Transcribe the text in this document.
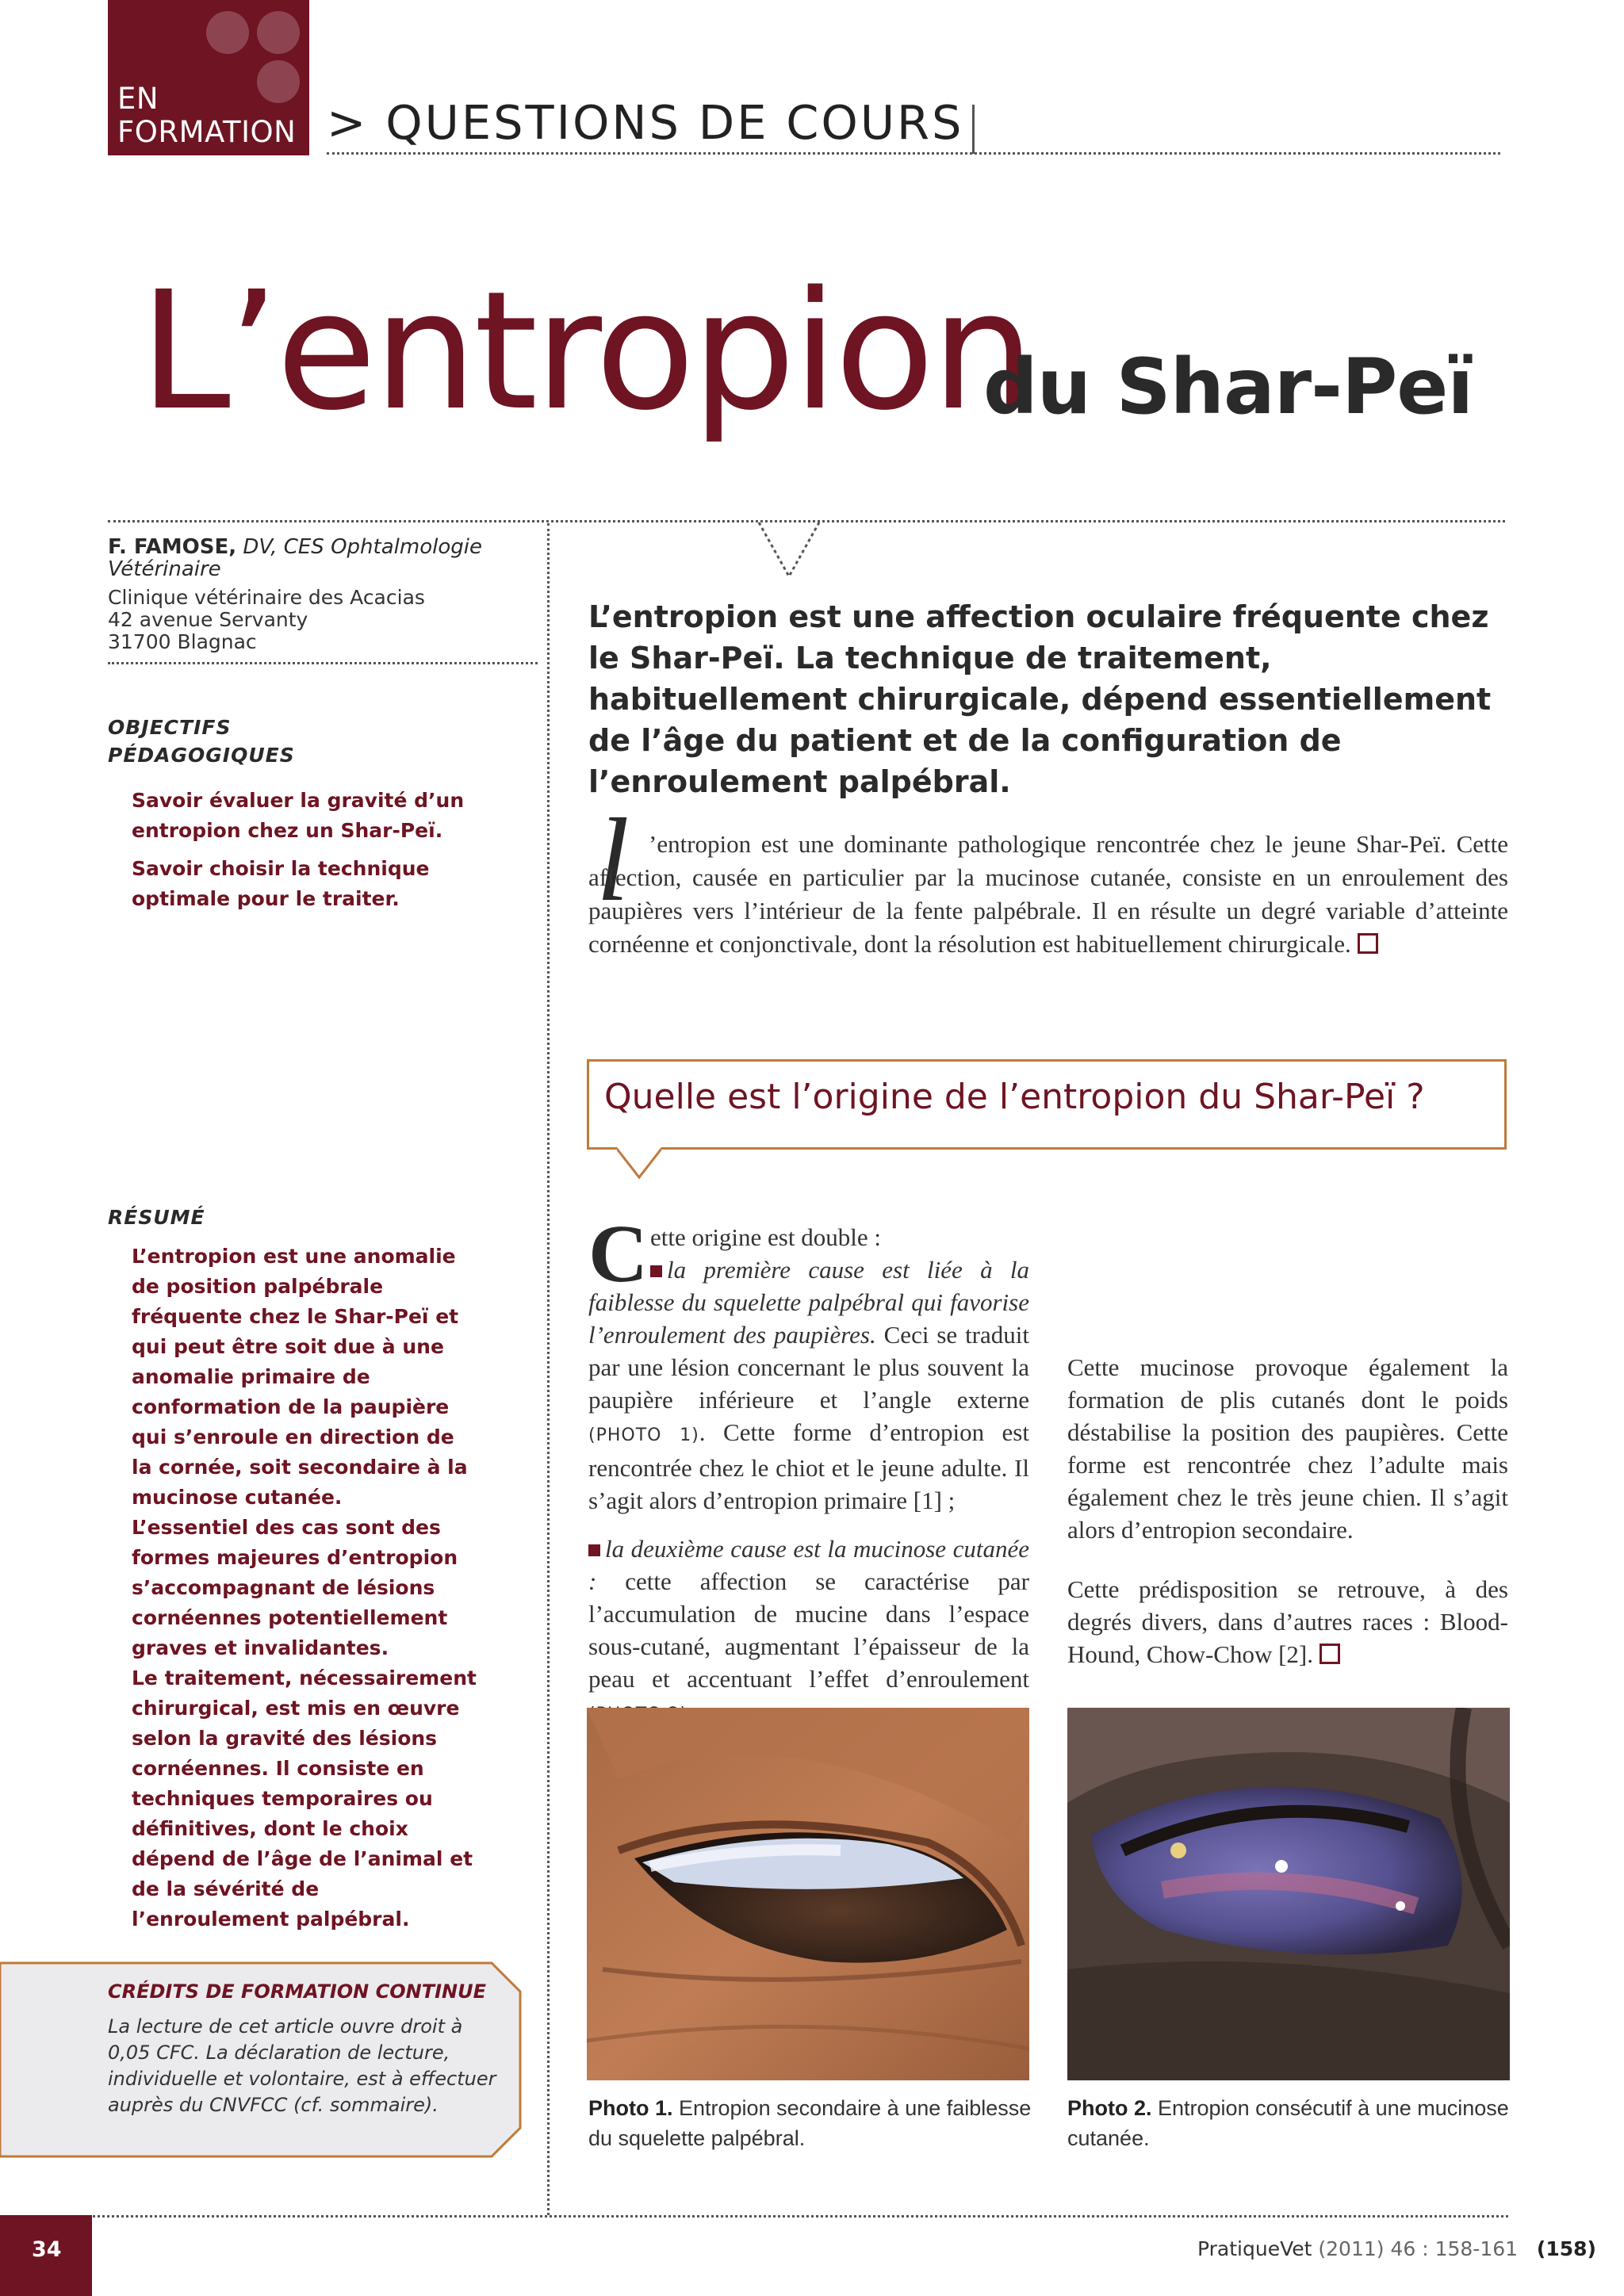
EN
FORMATION > QUESTIONS DE COURS
L’entropion
du Shar-Peï
F. FAMOSE, DV, CES Ophtalmologie Vétérinaire
Clinique vétérinaire des Acacias
42 avenue Servanty
31700 Blagnac
OBJECTIFS
PÉDAGOGIQUES
Savoir évaluer la gravité d’un entropion chez un Shar-Peï.
Savoir choisir la technique optimale pour le traiter.
RÉSUMÉ
L’entropion est une anomalie de position palpébrale fréquente chez le Shar-Peï et qui peut être soit due à une anomalie primaire de conformation de la paupière qui s’enroule en direction de la cornée, soit secondaire à la mucinose cutanée.
L’essentiel des cas sont des formes majeures d’entropion s’accompagnant de lésions cornéennes potentiellement graves et invalidantes.
Le traitement, nécessairement chirurgical, est mis en œuvre selon la gravité des lésions cornéennes. Il consiste en techniques temporaires ou définitives, dont le choix dépend de l’âge de l’animal et de la sévérité de l’enroulement palpébral.
CRÉDITS DE FORMATION CONTINUE
La lecture de cet article ouvre droit à 0,05 CFC. La déclaration de lecture, individuelle et volontaire, est à effectuer auprès du CNVFCC (cf. sommaire).
L’entropion est une affection oculaire fréquente chez le Shar-Peï. La technique de traitement, habituellement chirurgicale, dépend essentiellement de l’âge du patient et de la configuration de l’enroulement palpébral.
l ’entropion est une dominante pathologique rencontrée chez le jeune Shar-Peï. Cette affection, causée en particulier par la mucinose cutanée, consiste en un enroulement des paupières vers l’intérieur de la fente palpébrale. Il en résulte un degré variable d’atteinte cornéenne et conjonctivale, dont la résolution est habituellement chirurgicale.

Quelle est l’origine de l’entropion du Shar-Peï ?
C ette origine est double :

la première cause est liée à la faiblesse du squelette palpébral qui favorise l’enroulement des paupières. Ceci se traduit par une lésion concernant le plus souvent la paupière inférieure et l’angle externe (PHOTO 1). Cette forme d’entropion est rencontrée chez le chiot et le jeune adulte. Il s’agit alors d’entropion primaire [1] ;

la deuxième cause est la mucinose cutanée : cette affection se caractérise par l’accumulation de mucine dans l’espace sous-cutané, augmentant l’épaisseur de la peau et accentuant l’effet d’enroulement

Cette mucinose provoque également la formation de plis cutanés dont le poids déstabilise la position des paupières. Cette forme est rencontrée chez l’adulte mais également chez le très jeune chien. Il s’agit alors d’entropion secondaire.

Cette prédisposition se retrouve, à des degrés divers, dans d’autres races : Blood-Hound, Chow-Chow [2].

Photo 1. Entropion secondaire à une faiblesse du squelette palpébral.
Photo 2. Entropion consécutif à une mucinose cutanée.
34	PratiqueVet (2011) 46 : 158-161 (158)
